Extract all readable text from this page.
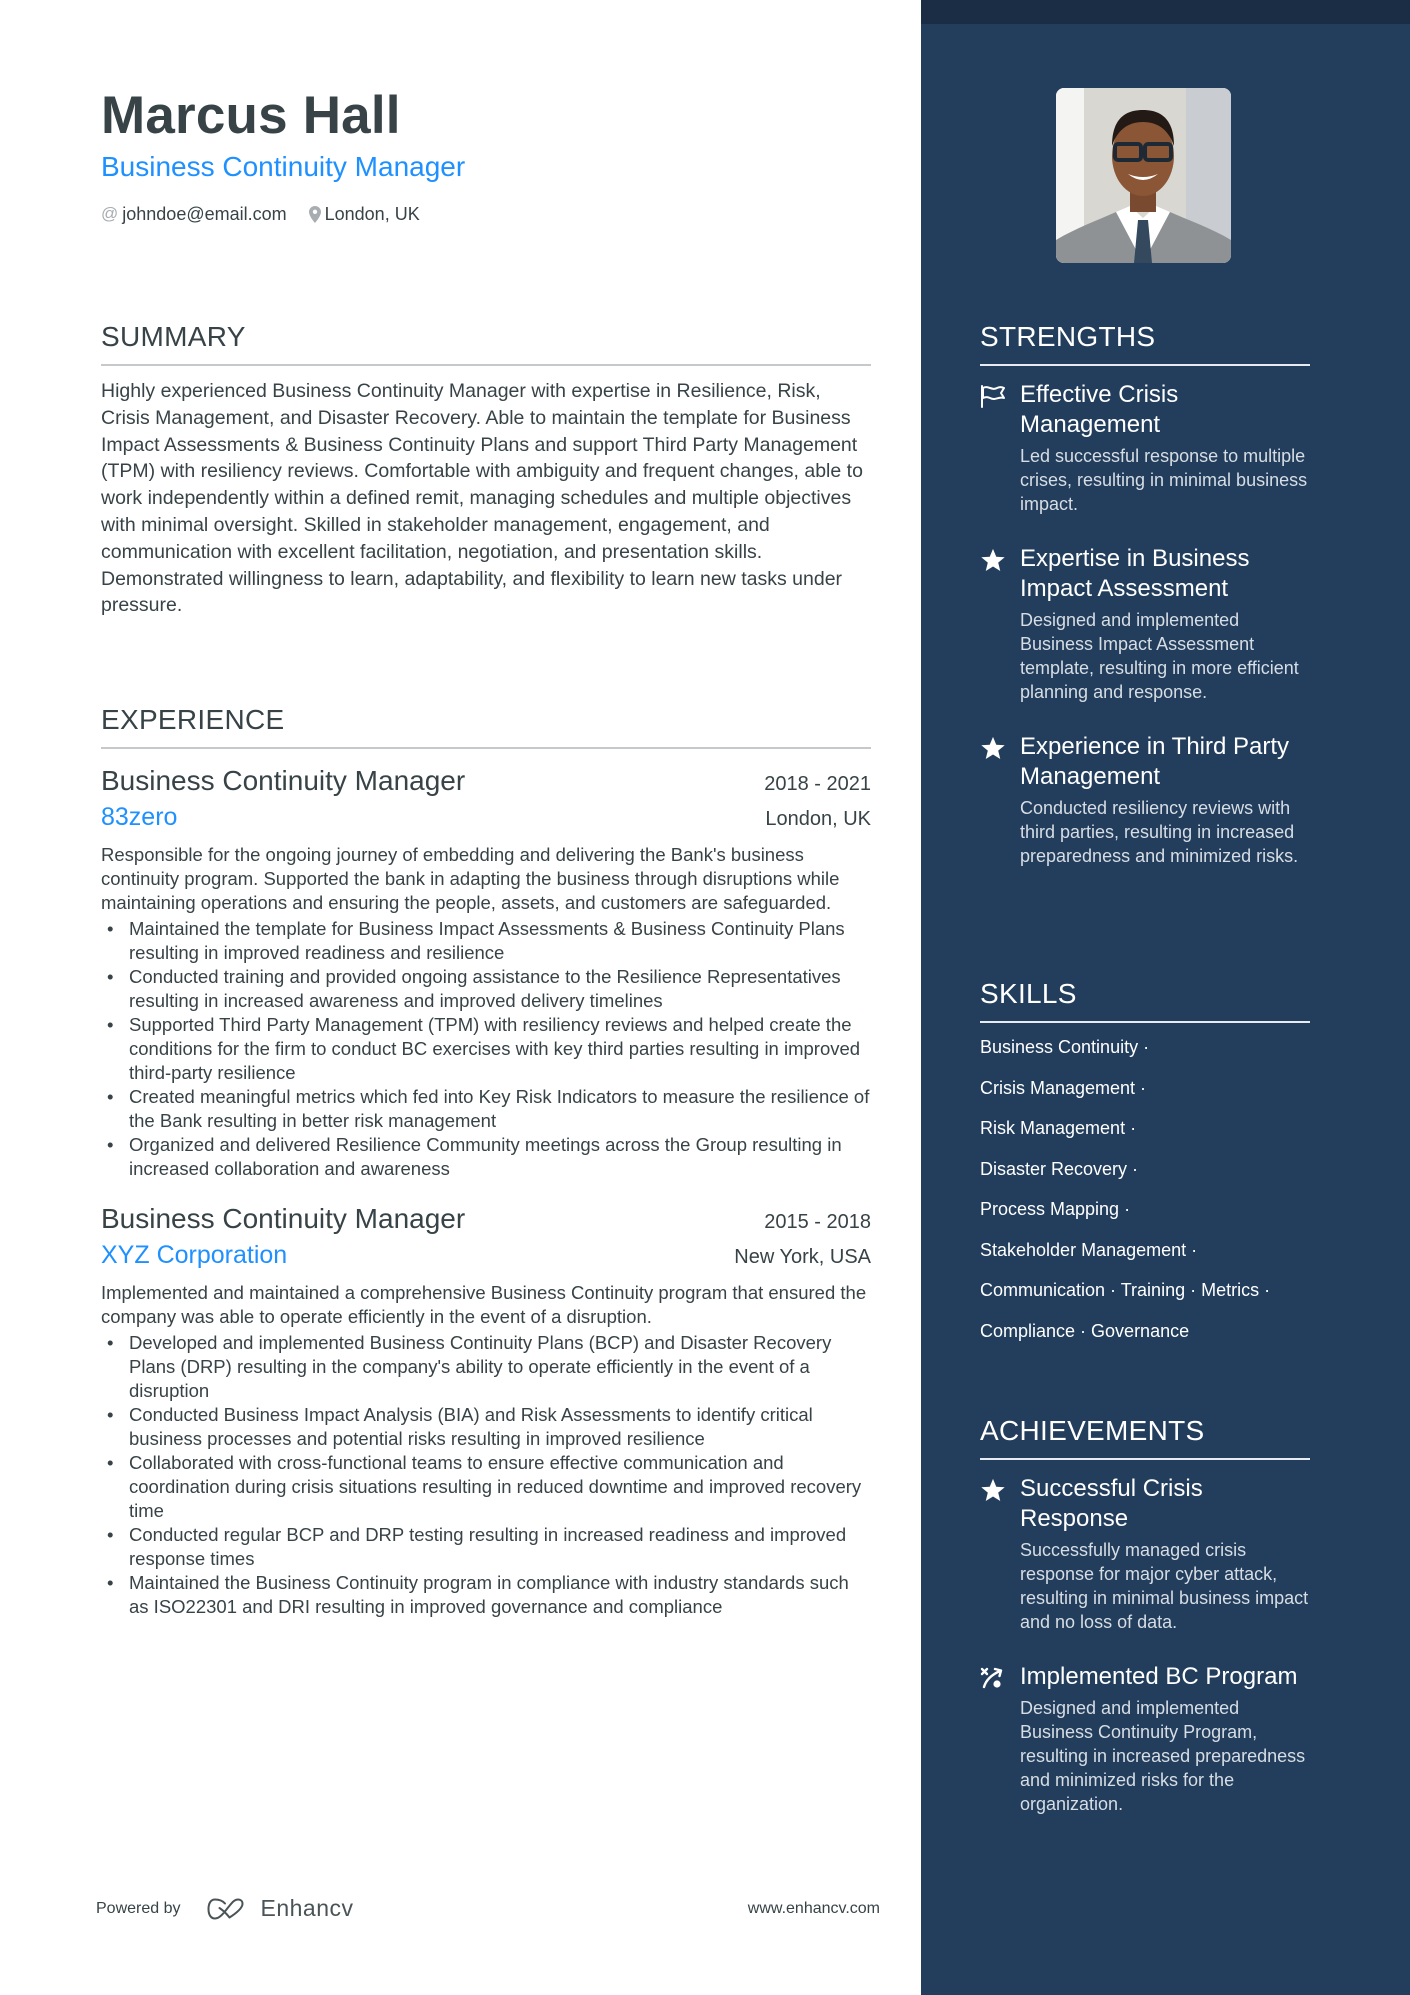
Marcus Hall
Business Continuity Manager
@ johndoe@email.com London, UK
SUMMARY
Highly experienced Business Continuity Manager with expertise in Resilience, Risk, Crisis Management, and Disaster Recovery. Able to maintain the template for Business Impact Assessments & Business Continuity Plans and support Third Party Management (TPM) with resiliency reviews. Comfortable with ambiguity and frequent changes, able to work independently within a defined remit, managing schedules and multiple objectives with minimal oversight. Skilled in stakeholder management, engagement, and communication with excellent facilitation, negotiation, and presentation skills. Demonstrated willingness to learn, adaptability, and flexibility to learn new tasks under pressure.
EXPERIENCE
Business Continuity Manager	2018 - 2021
83zero	London, UK
Responsible for the ongoing journey of embedding and delivering the Bank's business continuity program. Supported the bank in adapting the business through disruptions while maintaining operations and ensuring the people, assets, and customers are safeguarded.
• Maintained the template for Business Impact Assessments & Business Continuity Plans resulting in improved readiness and resilience
• Conducted training and provided ongoing assistance to the Resilience Representatives resulting in increased awareness and improved delivery timelines
• Supported Third Party Management (TPM) with resiliency reviews and helped create the conditions for the firm to conduct BC exercises with key third parties resulting in improved third-party resilience
• Created meaningful metrics which fed into Key Risk Indicators to measure the resilience of the Bank resulting in better risk management
• Organized and delivered Resilience Community meetings across the Group resulting in increased collaboration and awareness
Business Continuity Manager	2015 - 2018
XYZ Corporation	New York, USA
Implemented and maintained a comprehensive Business Continuity program that ensured the company was able to operate efficiently in the event of a disruption.
• Developed and implemented Business Continuity Plans (BCP) and Disaster Recovery Plans (DRP) resulting in the company's ability to operate efficiently in the event of a disruption
• Conducted Business Impact Analysis (BIA) and Risk Assessments to identify critical business processes and potential risks resulting in improved resilience
• Collaborated with cross-functional teams to ensure effective communication and coordination during crisis situations resulting in reduced downtime and improved recovery time
• Conducted regular BCP and DRP testing resulting in increased readiness and improved response times
• Maintained the Business Continuity program in compliance with industry standards such as ISO22301 and DRI resulting in improved governance and compliance
Powered by	Enhancv	www.enhancv.com
STRENGTHS
Effective Crisis Management
Led successful response to multiple crises, resulting in minimal business impact.
Expertise in Business Impact Assessment
Designed and implemented Business Impact Assessment template, resulting in more efficient planning and response.
Experience in Third Party Management
Conducted resiliency reviews with third parties, resulting in increased preparedness and minimized risks.
SKILLS
Business Continuity ·
Crisis Management ·
Risk Management ·
Disaster Recovery ·
Process Mapping ·
Stakeholder Management ·
Communication · Training · Metrics ·
Compliance · Governance
ACHIEVEMENTS
Successful Crisis Response
Successfully managed crisis response for major cyber attack, resulting in minimal business impact and no loss of data.
Implemented BC Program
Designed and implemented Business Continuity Program, resulting in increased preparedness and minimized risks for the organization.
